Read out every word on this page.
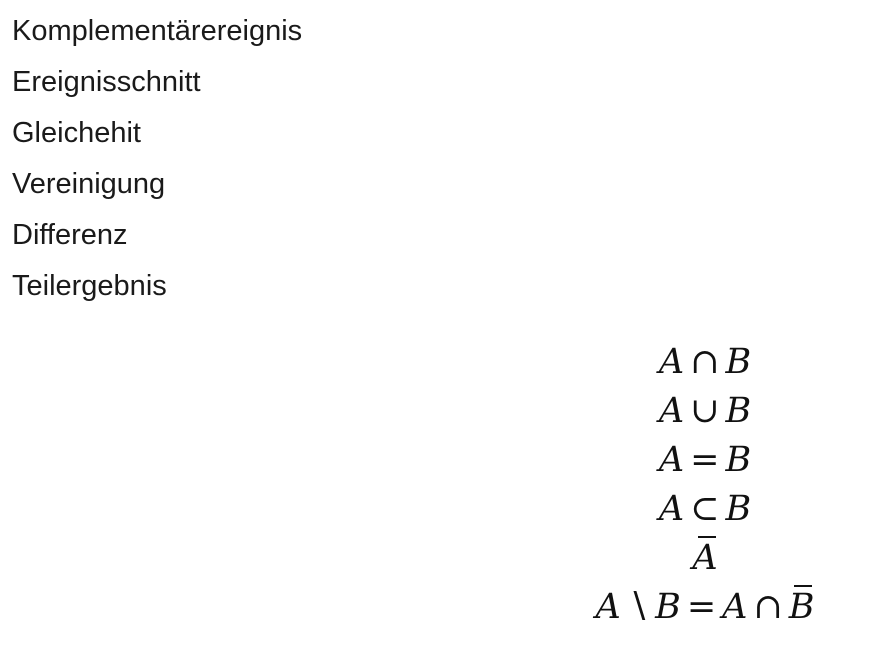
Komplementärereignis
Ereignisschnitt
Gleichehit
Vereinigung
Differenz
Teilergebnis
A ∩ B
A ∪ B
A = B
A ⊂ B
A
A ∖ B = A ∩ B
